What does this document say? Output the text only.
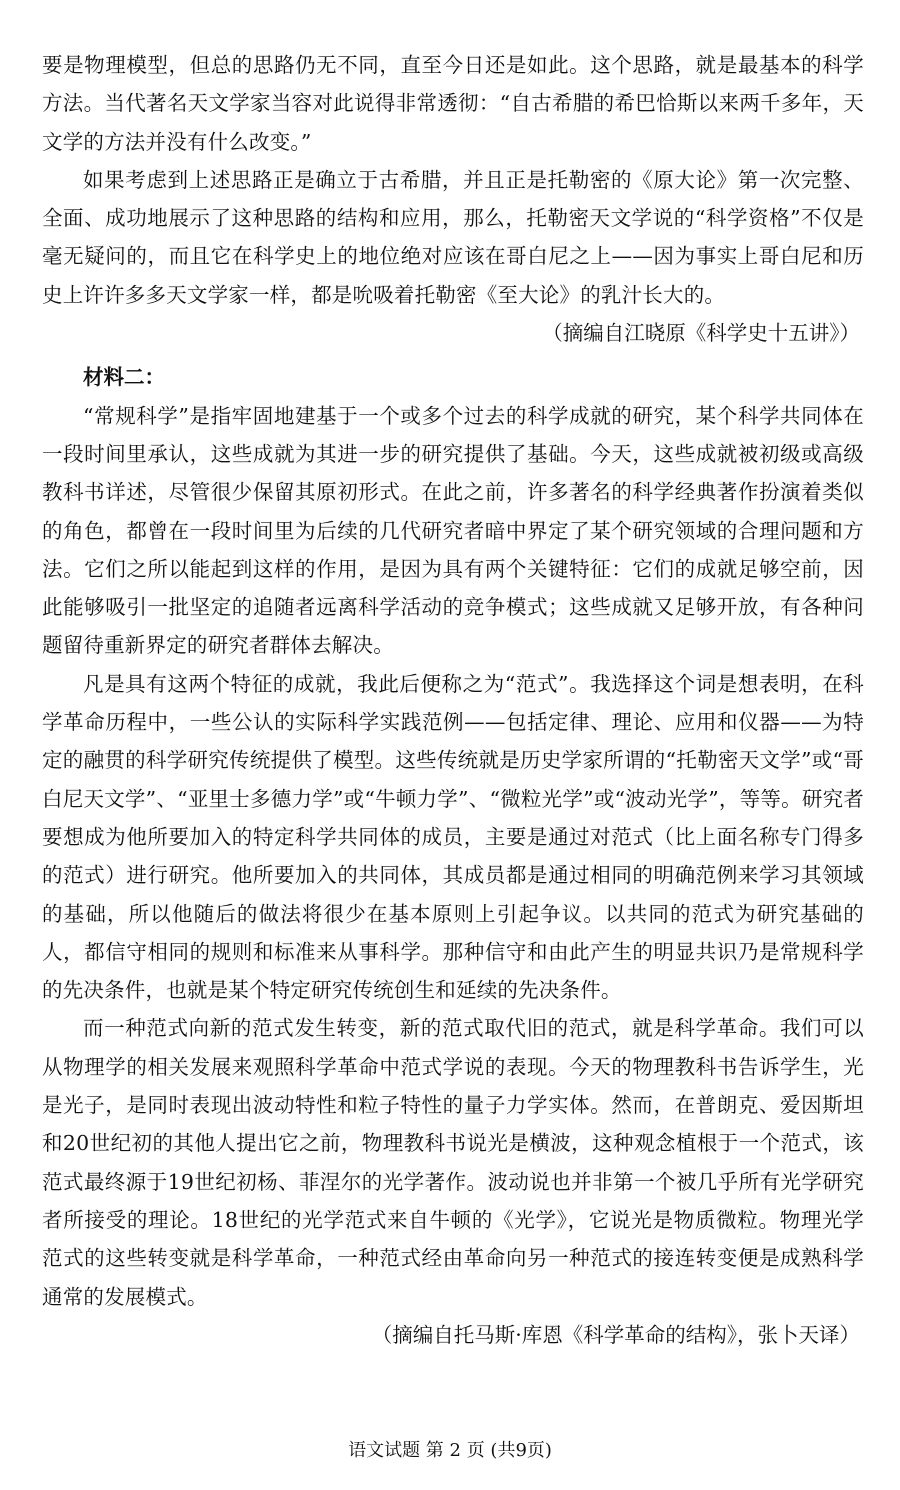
要是物理模型，但总的思路仍无不同，直至今日还是如此。这个思路，就是最基本的科学方法。当代著名天文学家当容对此说得非常透彻：“自古希腊的希巴恰斯以来两千多年，天文学的方法并没有什么改变。”

如果考虑到上述思路正是确立于古希腊，并且正是托勒密的《原大论》第一次完整、全面、成功地展示了这种思路的结构和应用，那么，托勒密天文学说的“科学资格”不仅是毫无疑问的，而且它在科学史上的地位绝对应该在哥白尼之上——因为事实上哥白尼和历史上许许多多天文学家一样，都是吮吸着托勒密《至大论》的乳汁长大的。

（摘编自江晓原《科学史十五讲》）

材料二：

“常规科学”是指牢固地建基于一个或多个过去的科学成就的研究，某个科学共同体在一段时间里承认，这些成就为其进一步的研究提供了基础。今天，这些成就被初级或高级教科书详述，尽管很少保留其原初形式。在此之前，许多著名的科学经典著作扮演着类似的角色，都曾在一段时间里为后续的几代研究者暗中界定了某个研究领域的合理问题和方法。它们之所以能起到这样的作用，是因为具有两个关键特征：它们的成就足够空前，因此能够吸引一批坚定的追随者远离科学活动的竞争模式；这些成就又足够开放，有各种问题留待重新界定的研究者群体去解决。

凡是具有这两个特征的成就，我此后便称之为“范式”。我选择这个词是想表明，在科学革命历程中，一些公认的实际科学实践范例——包括定律、理论、应用和仪器——为特定的融贯的科学研究传统提供了模型。这些传统就是历史学家所谓的“托勒密天文学”或“哥白尼天文学”、“亚里士多德力学”或“牛顿力学”、“微粒光学”或“波动光学”，等等。研究者要想成为他所要加入的特定科学共同体的成员，主要是通过对范式（比上面名称专门得多的范式）进行研究。他所要加入的共同体，其成员都是通过相同的明确范例来学习其领域的基础，所以他随后的做法将很少在基本原则上引起争议。以共同的范式为研究基础的人，都信守相同的规则和标准来从事科学。那种信守和由此产生的明显共识乃是常规科学的先决条件，也就是某个特定研究传统创生和延续的先决条件。

而一种范式向新的范式发生转变，新的范式取代旧的范式，就是科学革命。我们可以从物理学的相关发展来观照科学革命中范式学说的表现。今天的物理教科书告诉学生，光是光子，是同时表现出波动特性和粒子特性的量子力学实体。然而，在普朗克、爱因斯坦和20世纪初的其他人提出它之前，物理教科书说光是横波，这种观念植根于一个范式，该范式最终源于19世纪初杨、菲涅尔的光学著作。波动说也并非第一个被几乎所有光学研究者所接受的理论。18世纪的光学范式来自牛顿的《光学》，它说光是物质微粒。物理光学范式的这些转变就是科学革命，一种范式经由革命向另一种范式的接连转变便是成熟科学通常的发展模式。

（摘编自托马斯·库恩《科学革命的结构》，张卜天译）

语文试题 第 2 页 (共9页)
